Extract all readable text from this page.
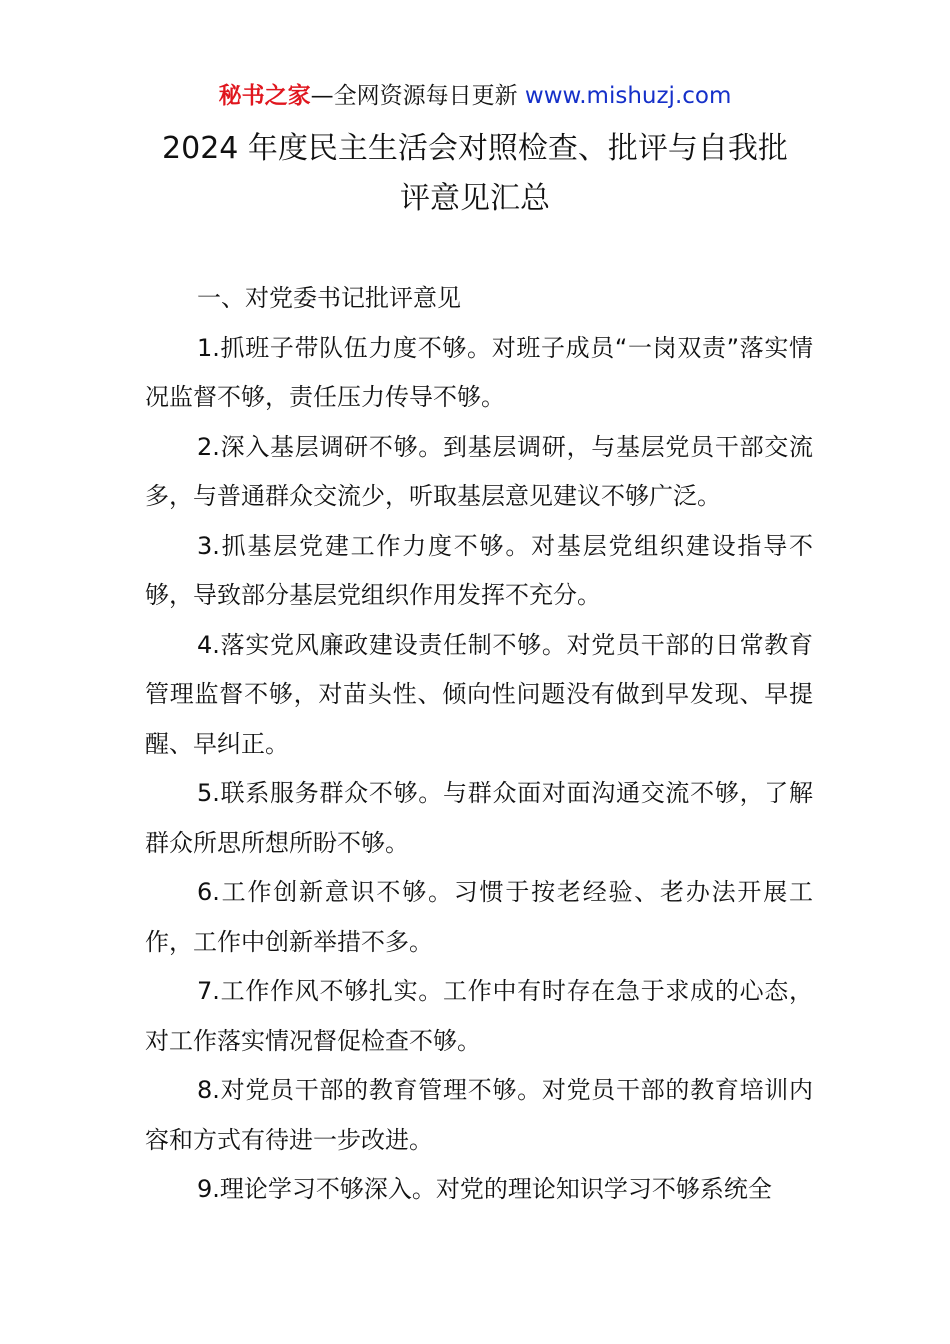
秘书之家—全网资源每日更新 www.mishuzj.com
2024 年度民主生活会对照检查、批评与自我批
评意见汇总

一、对党委书记批评意见

1.抓班子带队伍力度不够。对班子成员“一岗双责”落实情况监督不够，责任压力传导不够。

2.深入基层调研不够。到基层调研，与基层党员干部交流多，与普通群众交流少，听取基层意见建议不够广泛。

3.抓基层党建工作力度不够。对基层党组织建设指导不够，导致部分基层党组织作用发挥不充分。

4.落实党风廉政建设责任制不够。对党员干部的日常教育管理监督不够，对苗头性、倾向性问题没有做到早发现、早提醒、早纠正。

5.联系服务群众不够。与群众面对面沟通交流不够，了解群众所思所想所盼不够。

6.工作创新意识不够。习惯于按老经验、老办法开展工作，工作中创新举措不多。

7.工作作风不够扎实。工作中有时存在急于求成的心态，对工作落实情况督促检查不够。

8.对党员干部的教育管理不够。对党员干部的教育培训内容和方式有待进一步改进。

9.理论学习不够深入。对党的理论知识学习不够系统全
